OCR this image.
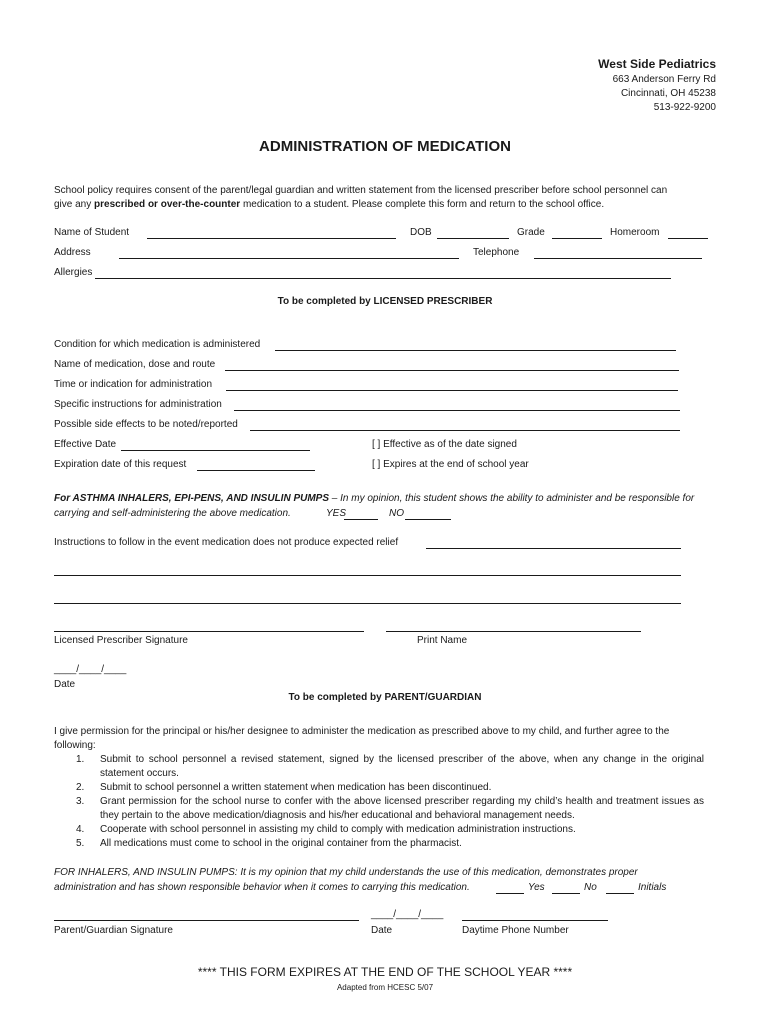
West Side Pediatrics
663 Anderson Ferry Rd
Cincinnati, OH 45238
513-922-9200
ADMINISTRATION OF MEDICATION
School policy requires consent of the parent/legal guardian and written statement from the licensed prescriber before school personnel can
give any prescribed or over-the-counter medication to a student. Please complete this form and return to the school office.
Name of Student	DOB	Grade	Homeroom
Address	Telephone
Allergies
To be completed by LICENSED PRESCRIBER
Condition for which medication is administered
Name of medication, dose and route
Time or indication for administration
Specific instructions for administration
Possible side effects to be noted/reported
Effective Date	[ ] Effective as of the date signed
Expiration date of this request	[ ] Expires at the end of school year
For ASTHMA INHALERS, EPI-PENS, AND INSULIN PUMPS – In my opinion, this student shows the ability to administer and be responsible for
carrying and self-administering the above medication.	YES	NO
Instructions to follow in the event medication does not produce expected relief
Licensed Prescriber Signature	Print Name
____/____/____
Date
To be completed by PARENT/GUARDIAN
I give permission for the principal or his/her designee to administer the medication as prescribed above to my child, and further agree to the following:
1. Submit to school personnel a revised statement, signed by the licensed prescriber of the above, when any change in the original statement occurs.
2. Submit to school personnel a written statement when medication has been discontinued.
3. Grant permission for the school nurse to confer with the above licensed prescriber regarding my child’s health and treatment issues as they pertain to the above medication/diagnosis and his/her educational and behavioral management needs.
4. Cooperate with school personnel in assisting my child to comply with medication administration instructions.
5. All medications must come to school in the original container from the pharmacist.
FOR INHALERS, AND INSULIN PUMPS: It is my opinion that my child understands the use of this medication, demonstrates proper
administration and has shown responsible behavior when it comes to carrying this medication.	Yes	No	Initials
____/____/____
Parent/Guardian Signature	Date	Daytime Phone Number
**** THIS FORM EXPIRES AT THE END OF THE SCHOOL YEAR ****
Adapted from HCESC 5/07
